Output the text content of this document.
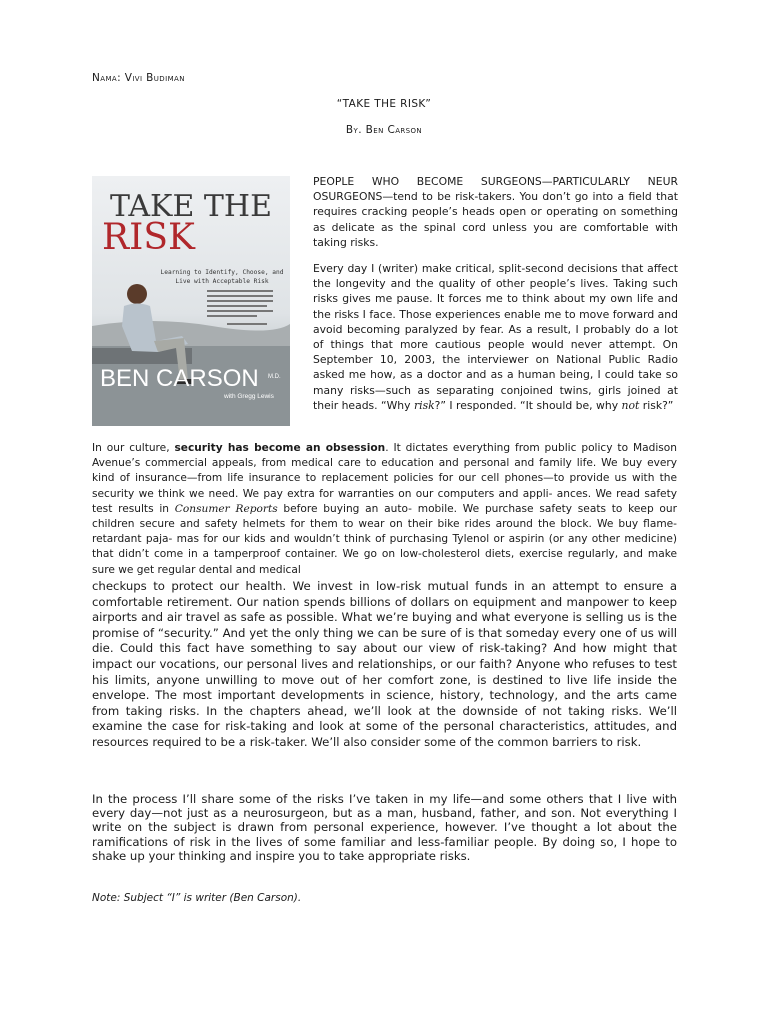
Nama: Vivi Budiman
“TAKE THE RISK”
By. Ben Carson
TAKE THE
RISK
Learning to Identify, Choose, and
Live with Acceptable Risk
BEN CARSON M.D.
with Gregg Lewis
PEOPLE WHO BECOME SURGEONS—PARTICULARLY NEUR OSURGEONS—tend to be risk-takers. You don’t go into a field that requires cracking people’s heads open or operating on something as delicate as the spinal cord unless you are comfortable with taking risks.
Every day I (writer) make critical, split-second decisions that affect the longevity and the quality of other people’s lives. Taking such risks gives me pause. It forces me to think about my own life and the risks I face. Those experiences enable me to move forward and avoid becoming paralyzed by fear. As a result, I probably do a lot of things that more cautious people would never attempt. On September 10, 2003, the interviewer on National Public Radio asked me how, as a doctor and as a human being, I could take so many risks—such as separating conjoined twins, girls joined at their heads. “Why risk?” I responded. “It should be, why not risk?”
In our culture, security has become an obsession. It dictates everything from public policy to Madison Avenue’s commercial appeals, from medical care to education and personal and family life. We buy every kind of insurance—from life insurance to replacement policies for our cell phones—to provide us with the security we think we need. We pay extra for warranties on our computers and appli- ances. We read safety test results in Consumer Reports before buying an auto- mobile. We purchase safety seats to keep our children secure and safety helmets for them to wear on their bike rides around the block. We buy flame-retardant paja- mas for our kids and wouldn’t think of purchasing Tylenol or aspirin (or any other medicine) that didn’t come in a tamperproof container. We go on low-cholesterol diets, exercise regularly, and make sure we get regular dental and medical
checkups to protect our health. We invest in low-risk mutual funds in an attempt to ensure a comfortable retirement. Our nation spends billions of dollars on equipment and manpower to keep airports and air travel as safe as possible. What we’re buying and what everyone is selling us is the promise of “security.” And yet the only thing we can be sure of is that someday every one of us will die. Could this fact have something to say about our view of risk-taking? And how might that impact our vocations, our personal lives and relationships, or our faith? Anyone who refuses to test his limits, anyone unwilling to move out of her comfort zone, is destined to live life inside the envelope. The most important developments in science, history, technology, and the arts came from taking risks. In the chapters ahead, we’ll look at the downside of not taking risks. We’ll examine the case for risk-taking and look at some of the personal characteristics, attitudes, and resources required to be a risk-taker. We’ll also consider some of the common barriers to risk.
In the process I’ll share some of the risks I’ve taken in my life—and some others that I live with every day—not just as a neurosurgeon, but as a man, husband, father, and son. Not everything I write on the subject is drawn from personal experience, however. I’ve thought a lot about the ramifications of risk in the lives of some familiar and less-familiar people. By doing so, I hope to shake up your thinking and inspire you to take appropriate risks.
Note: Subject “I” is writer (Ben Carson).
